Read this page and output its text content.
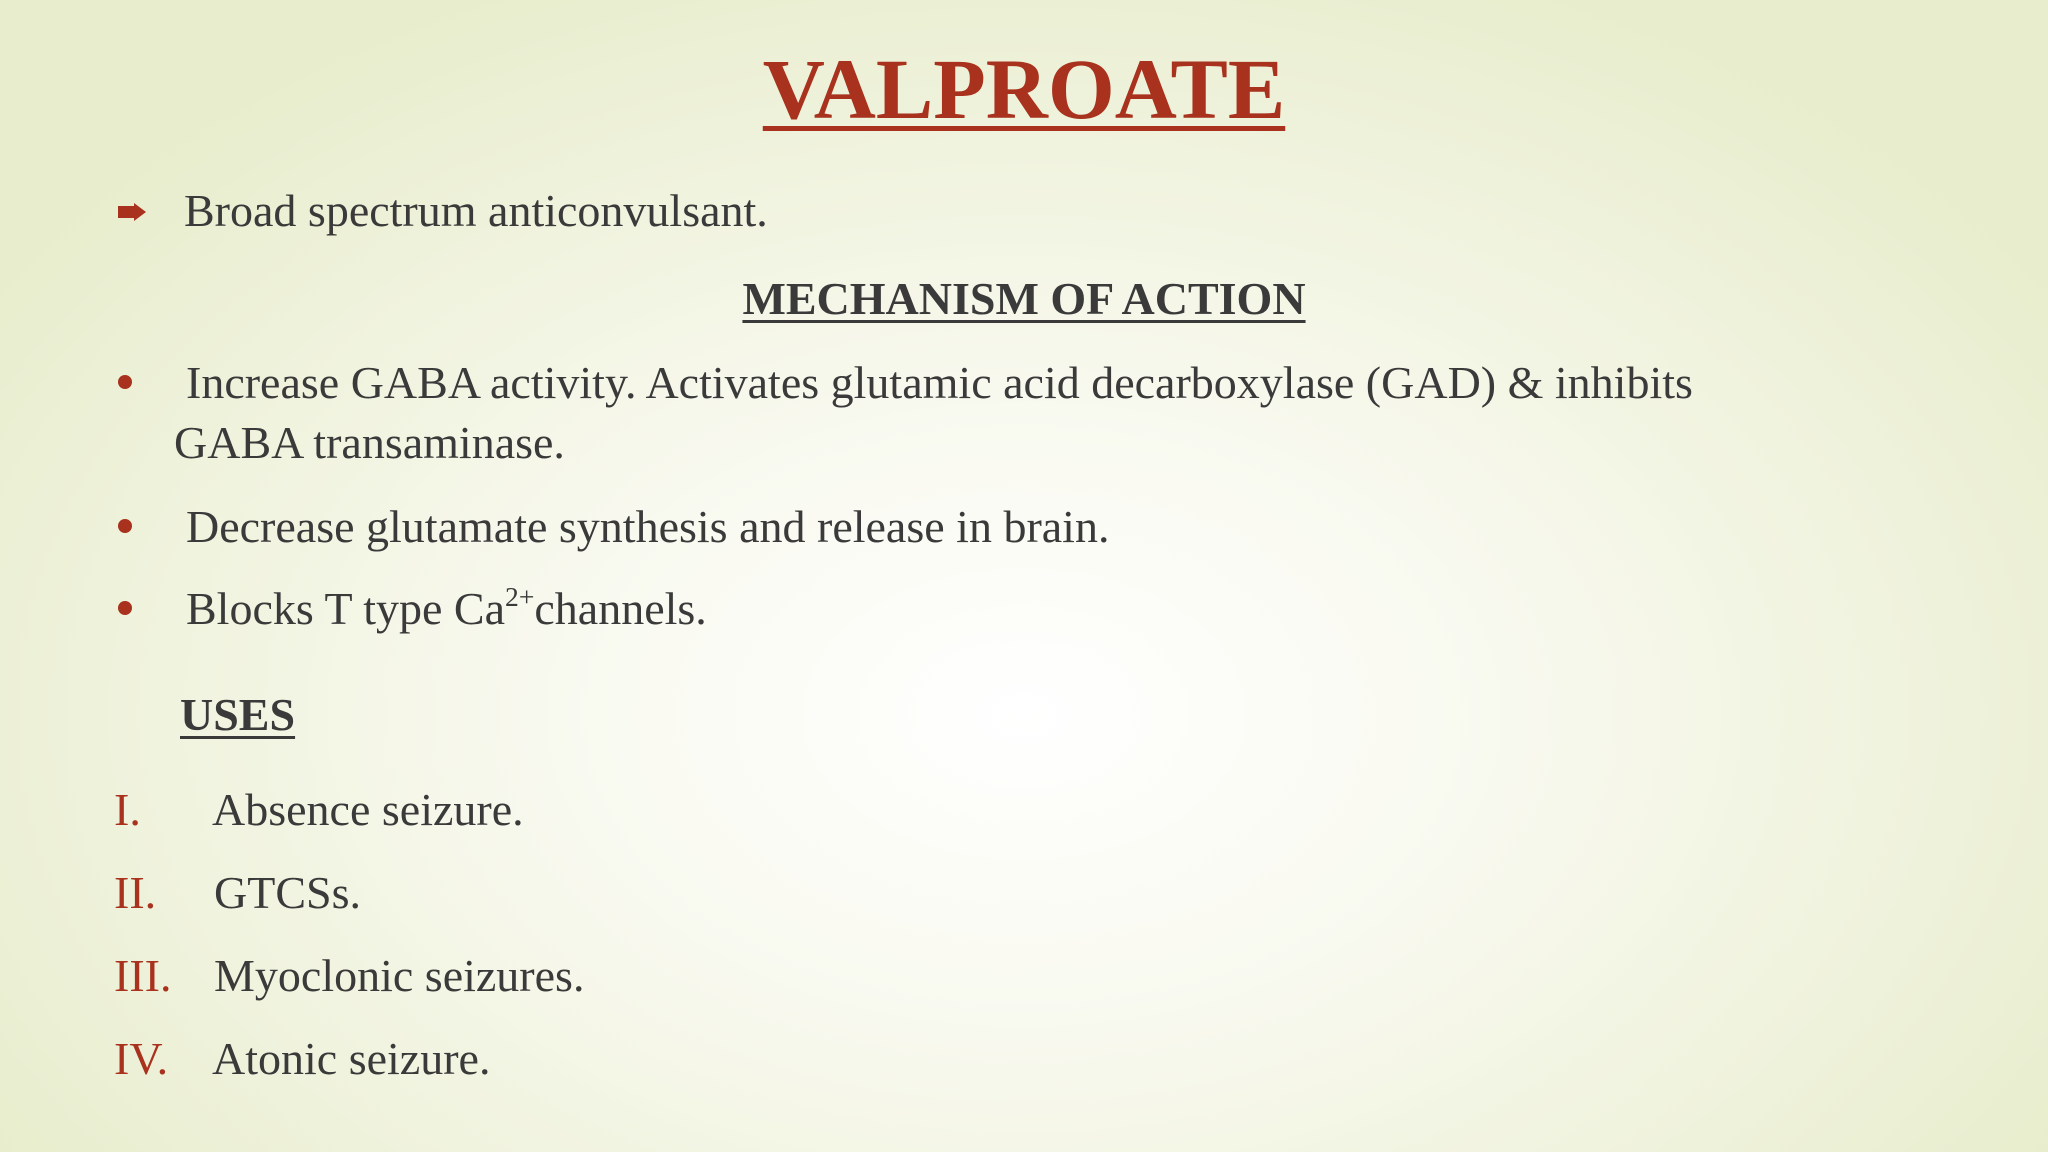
VALPROATE
Broad spectrum anticonvulsant.
MECHANISM OF ACTION
Increase GABA activity. Activates glutamic acid decarboxylase (GAD) & inhibits
GABA transaminase.
Decrease glutamate synthesis and release in brain.
Blocks T type $Ca^{2+}channels$.
USES
I. Absence seizure.
II. GTCSs.
III. Myoclonic seizures.
IV. Atonic seizure.
